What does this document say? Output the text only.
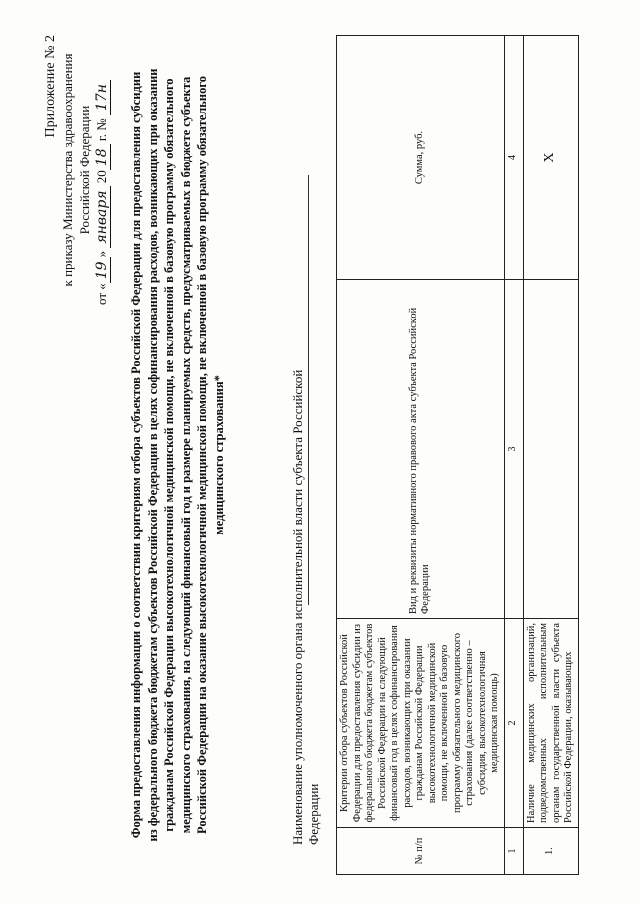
Приложение № 2 к приказу Министерства здравоохранения Российской Федерации
от «19» января 2018 г. № 17н Форма предоставления информации о соответствии критериям отбора субъектов Российской Федерации для предоставления субсидии из федерального бюджета бюджетам субъектов Российской Федерации в целях софинансирования расходов, возникающих при оказании гражданам Российской Федерации высокотехнологичной медицинской помощи, не включенной в базовую программу обязательного медицинского страхования, на следующий финансовый год и размере планируемых средств, предусматриваемых в бюджете субъекта Российской Федерации на оказание высокотехнологичной медицинской помощи, не включенной в базовую программу обязательного медицинского страхования*	Наименование уполномоченного органа исполнительной власти субъекта Российской Федерации
№ п/п	Критерии отбора субъектов Российской Федерации для предоставления субсидии из федерального бюджета бюджетам субъектов Российской Федерации на следующий финансовый год в целях софинансирования расходов, возникающих при оказании гражданам Российской Федерации высокотехнологичной медицинской помощи, не включенной в базовую программу обязательного медицинского страхования (далее соответственно – субсидия, высокотехнологичная медицинская помощь)	Вид и реквизиты нормативного правового акта субъекта Российской Федерации	Сумма, руб.
1	2	3	4
1.	Наличие медицинских организаций, подведомственных исполнительным органам государственной власти субъекта Российской Федерации, оказывающих		Х
